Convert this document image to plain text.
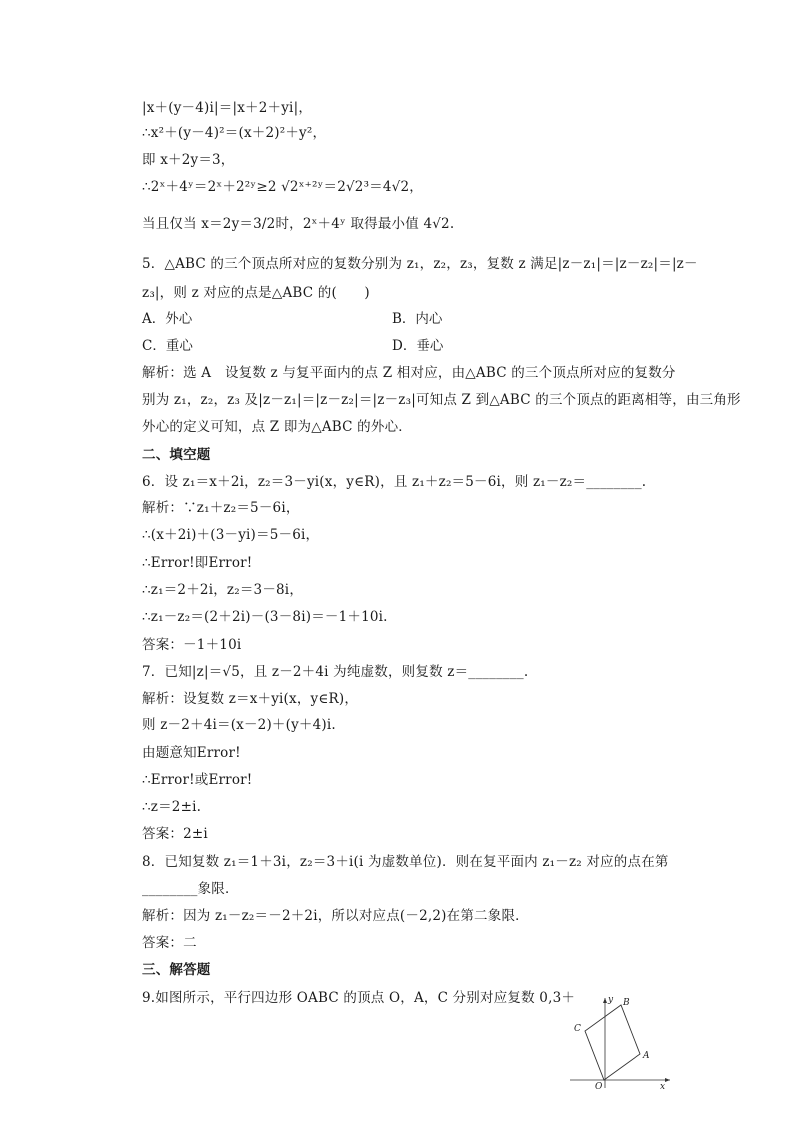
|x＋(y－4)i|＝|x＋2＋yi|，
∴x²＋(y－4)²＝(x＋2)²＋y²，
即 x＋2y＝3，
∴2ˣ＋4ʸ＝2ˣ＋2²ʸ≥2 √2ˣ⁺²ʸ＝2√2³＝4√2，
当且仅当 x＝2y＝3/2时，2ˣ＋4ʸ 取得最小值 4√2.
5．△ABC 的三个顶点所对应的复数分别为 z₁，z₂，z₃，复数 z 满足|z－z₁|＝|z－z₂|＝|z－
z₃|，则 z 对应的点是△ABC 的(　　)
A．外心	B．内心
C．重心	D．垂心
解析：选 A　设复数 z 与复平面内的点 Z 相对应，由△ABC 的三个顶点所对应的复数分
别为 z₁，z₂，z₃ 及|z－z₁|＝|z－z₂|＝|z－z₃|可知点 Z 到△ABC 的三个顶点的距离相等，由三角形
外心的定义可知，点 Z 即为△ABC 的外心．
二、填空题
6．设 z₁＝x＋2i，z₂＝3－yi(x，y∈R)，且 z₁＋z₂＝5－6i，则 z₁－z₂＝________.
解析：∵z₁＋z₂＝5－6i，
∴(x＋2i)＋(3－yi)＝5－6i，
∴Error!即Error!
∴z₁＝2＋2i，z₂＝3－8i，
∴z₁－z₂＝(2＋2i)－(3－8i)＝－1＋10i.
答案：－1＋10i
7．已知|z|＝√5，且 z－2＋4i 为纯虚数，则复数 z＝________.
解析：设复数 z＝x＋yi(x，y∈R)，
则 z－2＋4i＝(x－2)＋(y＋4)i.
由题意知Error!
∴Error!或Error!
∴z＝2±i.
答案：2±i
8．已知复数 z₁＝1＋3i，z₂＝3＋i(i 为虚数单位)．则在复平面内 z₁－z₂ 对应的点在第
________象限．
解析：因为 z₁－z₂＝－2＋2i，所以对应点(－2,2)在第二象限．
答案：二
三、解答题
9.如图所示，平行四边形 OABC 的顶点 O，A，C 分别对应复数 0,3＋
x
y
O
A
B
C
